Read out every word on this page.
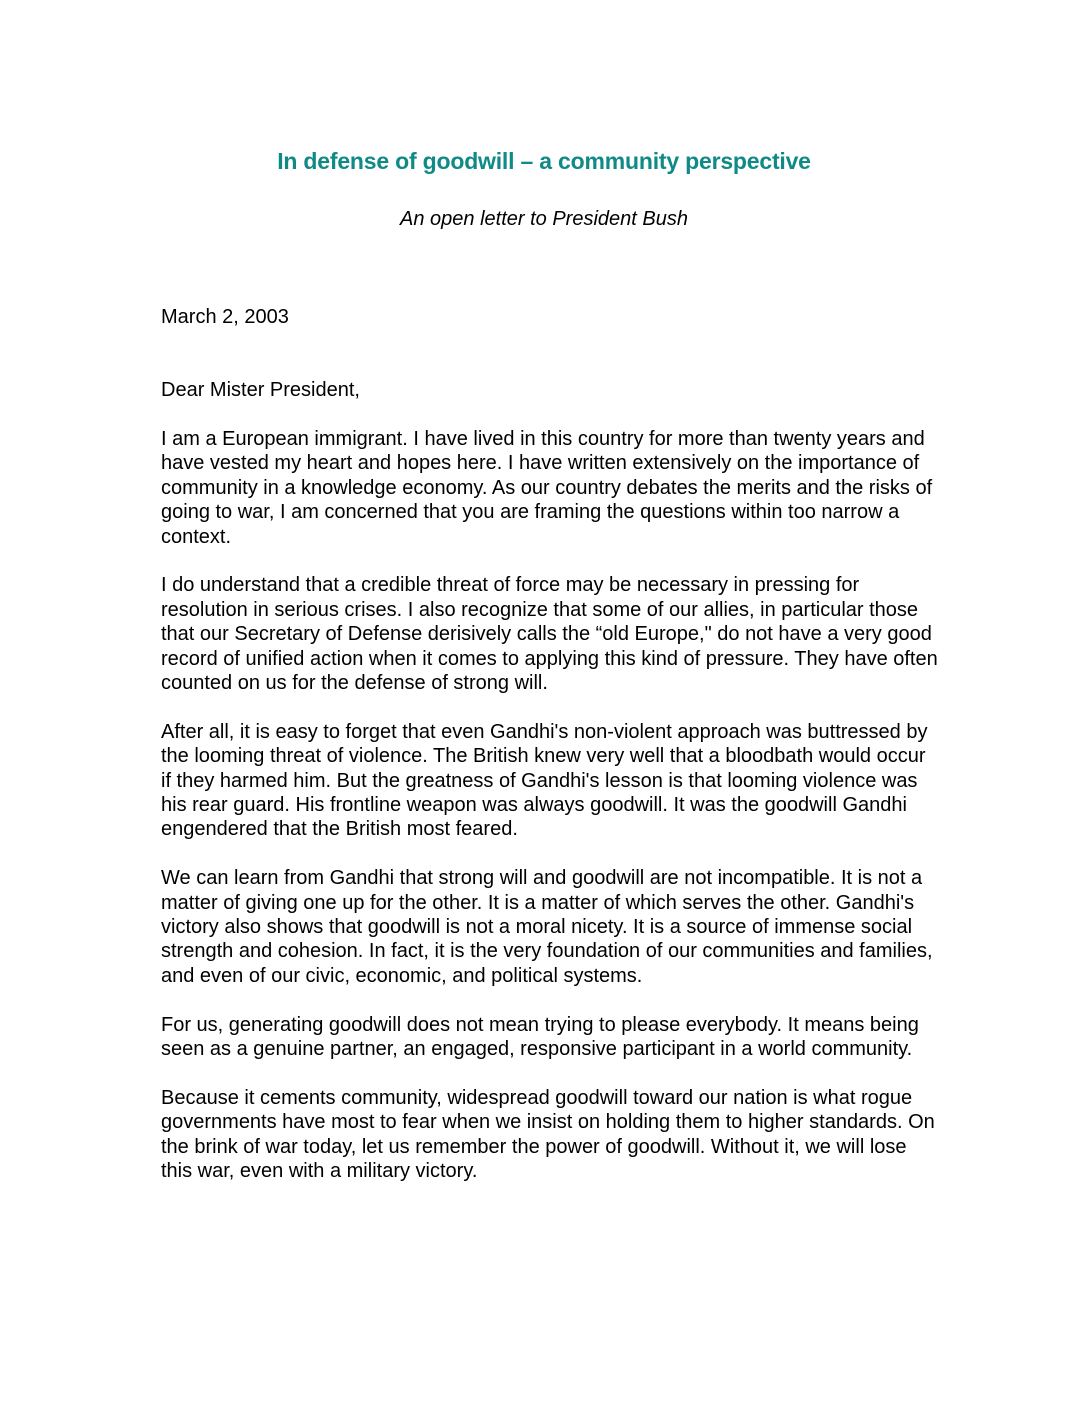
In defense of goodwill – a community perspective
An open letter to President Bush

March 2, 2003

Dear Mister President,

I am a European immigrant. I have lived in this country for more than twenty years and have vested my heart and hopes here. I have written extensively on the importance of community in a knowledge economy. As our country debates the merits and the risks of going to war, I am concerned that you are framing the questions within too narrow a context.

I do understand that a credible threat of force may be necessary in pressing for resolution in serious crises. I also recognize that some of our allies, in particular those that our Secretary of Defense derisively calls the “old Europe," do not have a very good record of unified action when it comes to applying this kind of pressure. They have often counted on us for the defense of strong will.

After all, it is easy to forget that even Gandhi's non-violent approach was buttressed by the looming threat of violence. The British knew very well that a bloodbath would occur if they harmed him. But the greatness of Gandhi's lesson is that looming violence was his rear guard. His frontline weapon was always goodwill. It was the goodwill Gandhi engendered that the British most feared.

We can learn from Gandhi that strong will and goodwill are not incompatible. It is not a matter of giving one up for the other. It is a matter of which serves the other. Gandhi's victory also shows that goodwill is not a moral nicety. It is a source of immense social strength and cohesion. In fact, it is the very foundation of our communities and families, and even of our civic, economic, and political systems.

For us, generating goodwill does not mean trying to please everybody. It means being seen as a genuine partner, an engaged, responsive participant in a world community.

Because it cements community, widespread goodwill toward our nation is what rogue governments have most to fear when we insist on holding them to higher standards. On the brink of war today, let us remember the power of goodwill. Without it, we will lose this war, even with a military victory.
